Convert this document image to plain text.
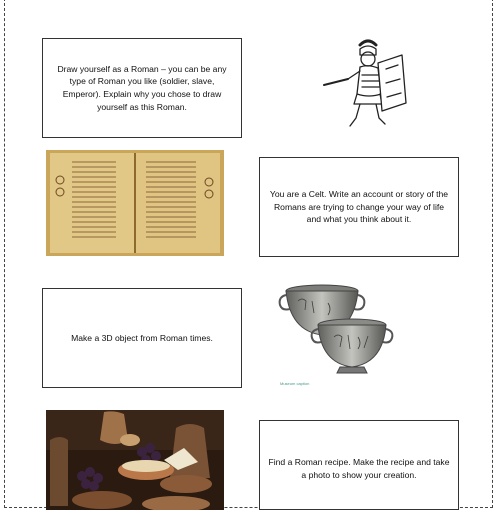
Draw yourself as a Roman – you can be any type of Roman you like (soldier, slave, Emperor). Explain why you chose to draw yourself as this Roman.
You are a Celt. Write an account or story of the Romans are trying to change your way of life and what you think about it.
Make a 3D object from Roman times.
Museum caption
Find a Roman recipe. Make the recipe and take a photo to show your creation.
